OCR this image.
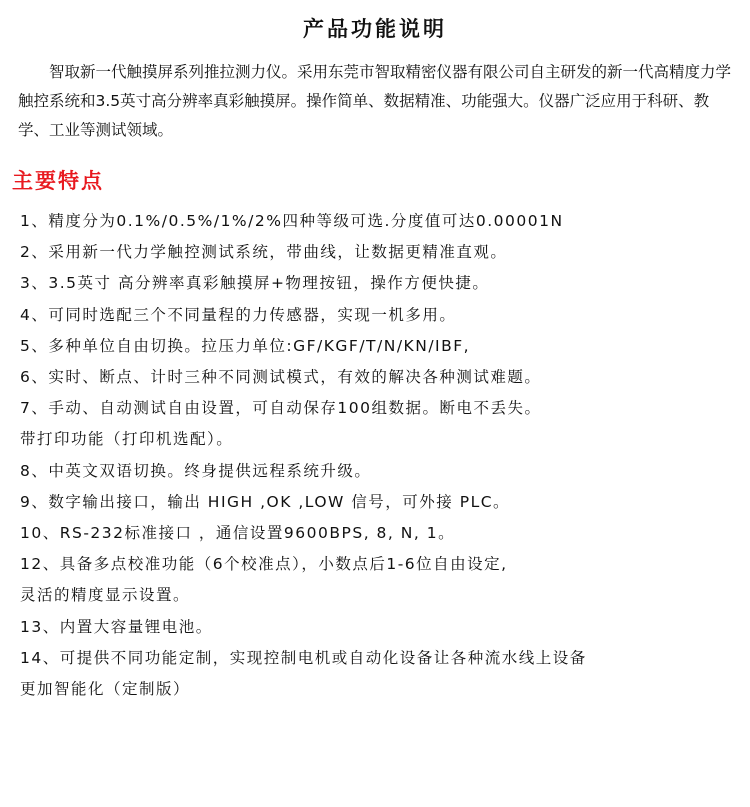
产品功能说明

智取新一代触摸屏系列推拉测力仪。采用东莞市智取精密仪器有限公司自主研发的新一代高精度力学触控系统和3.5英寸高分辨率真彩触摸屏。操作简单、数据精准、功能强大。仪器广泛应用于科研、教学、工业等测试领域。

主要特点
1、精度分为0.1%/0.5%/1%/2%四种等级可选.分度值可达0.00001N
2、采用新一代力学触控测试系统，带曲线，让数据更精准直观。
3、3.5英寸 高分辨率真彩触摸屏+物理按钮，操作方便快捷。
4、可同时选配三个不同量程的力传感器，实现一机多用。
5、多种单位自由切换。拉压力单位:GF/KGF/T/N/KN/IBF,
6、实时、断点、计时三种不同测试模式，有效的解决各种测试难题。
7、手动、自动测试自由设置，可自动保存100组数据。断电不丢失。
带打印功能（打印机选配）。
8、中英文双语切换。终身提供远程系统升级。
9、数字输出接口，输出 HIGH ,OK ,LOW 信号，可外接 PLC。
10、RS-232标准接口 ，通信设置9600BPS, 8, N, 1。
12、具备多点校准功能（6个校准点），小数点后1-6位自由设定,
灵活的精度显示设置。
13、内置大容量锂电池。
14、可提供不同功能定制，实现控制电机或自动化设备让各种流水线上设备
更加智能化（定制版）
